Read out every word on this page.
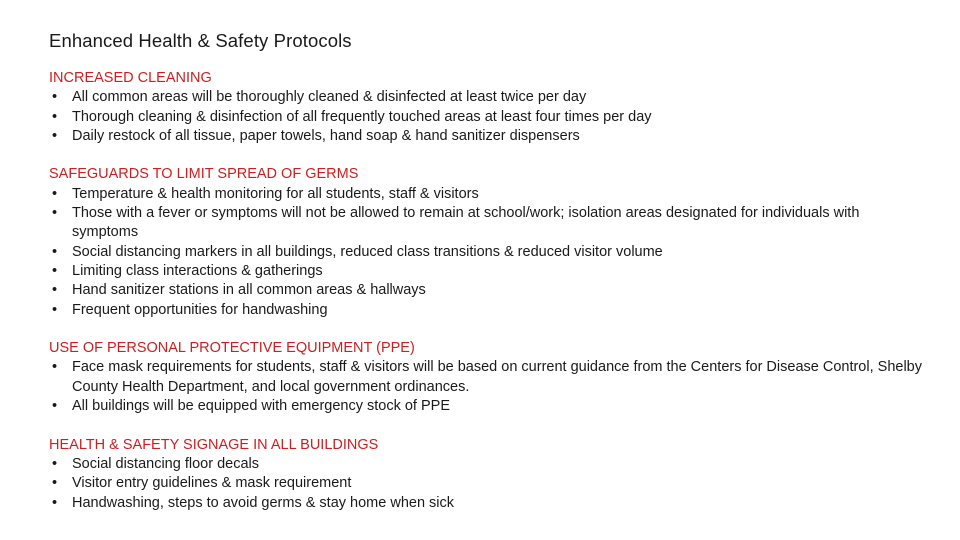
Enhanced Health & Safety Protocols

INCREASED CLEANING

• All common areas will be thoroughly cleaned & disinfected at least twice per day
• Thorough cleaning & disinfection of all frequently touched areas at least four times per day
• Daily restock of all tissue, paper towels, hand soap & hand sanitizer dispensers

SAFEGUARDS TO LIMIT SPREAD OF GERMS

• Temperature & health monitoring for all students, staff & visitors
• Those with a fever or symptoms will not be allowed to remain at school/work; isolation areas designated for individuals with symptoms
• Social distancing markers in all buildings, reduced class transitions & reduced visitor volume
• Limiting class interactions & gatherings
• Hand sanitizer stations in all common areas & hallways
• Frequent opportunities for handwashing

USE OF PERSONAL PROTECTIVE EQUIPMENT (PPE)

• Face mask requirements for students, staff & visitors will be based on current guidance from the Centers for Disease Control, Shelby County Health Department, and local government ordinances.
• All buildings will be equipped with emergency stock of PPE

HEALTH & SAFETY SIGNAGE IN ALL BUILDINGS

• Social distancing floor decals
• Visitor entry guidelines & mask requirement
• Handwashing, steps to avoid germs & stay home when sick
